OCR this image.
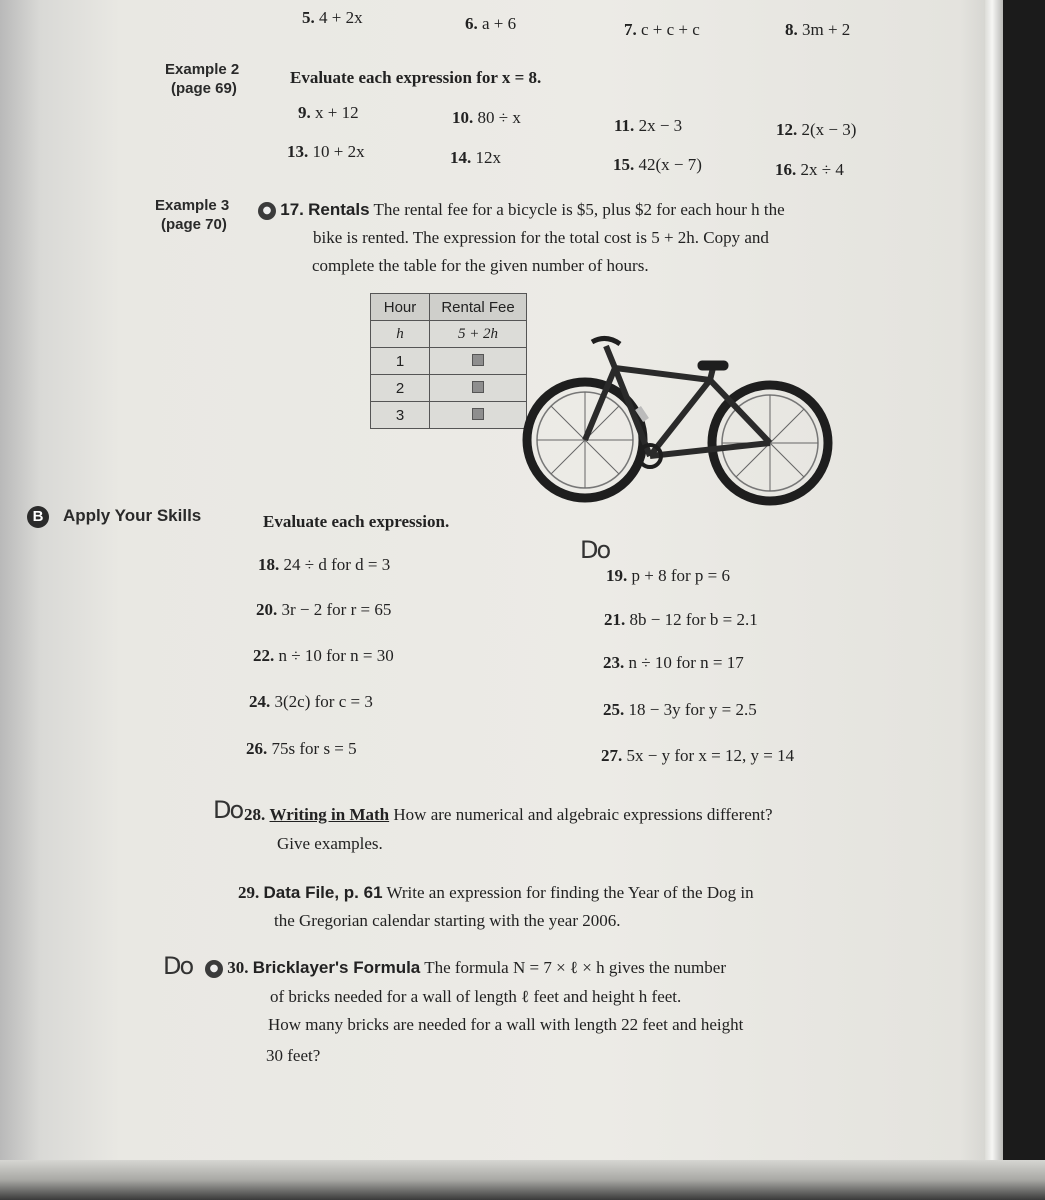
5. 4 + 2x	6. a + 6	7. c + c + c	8. 3m + 2
Example 2
(page 69)
Evaluate each expression for x = 8.
9. x + 12	10. 80 ÷ x	11. 2x − 3	12. 2(x − 3)
13. 10 + 2x	14. 12x	15. 42(x − 7)	16. 2x ÷ 4
Example 3
(page 70)
● 17. Rentals The rental fee for a bicycle is $5, plus $2 for each hour h the
bike is rented. The expression for the total cost is 5 + 2h. Copy and
complete the table for the given number of hours.
Hour	Rental Fee
h	5 + 2h
1	
2	
3	
B Apply Your Skills	Evaluate each expression.
Do
18. 24 ÷ d for d = 3
19. p + 8 for p = 6
20. 3r − 2 for r = 65
21. 8b − 12 for b = 2.1
22. n ÷ 10 for n = 30	23. n ÷ 10 for n = 17
24. 3(2c) for c = 3	25. 18 − 3y for y = 2.5
26. 75s for s = 5	27. 5x − y for x = 12, y = 14
Do 28. Writing in Math How are numerical and algebraic expressions different?
Give examples.
29. Data File, p. 61 Write an expression for finding the Year of the Dog in
the Gregorian calendar starting with the year 2006.
Do	● 30. Bricklayer's Formula The formula N = 7 × ℓ × h gives the number
of bricks needed for a wall of length ℓ feet and height h feet.
How many bricks are needed for a wall with length 22 feet and height
30 feet?
